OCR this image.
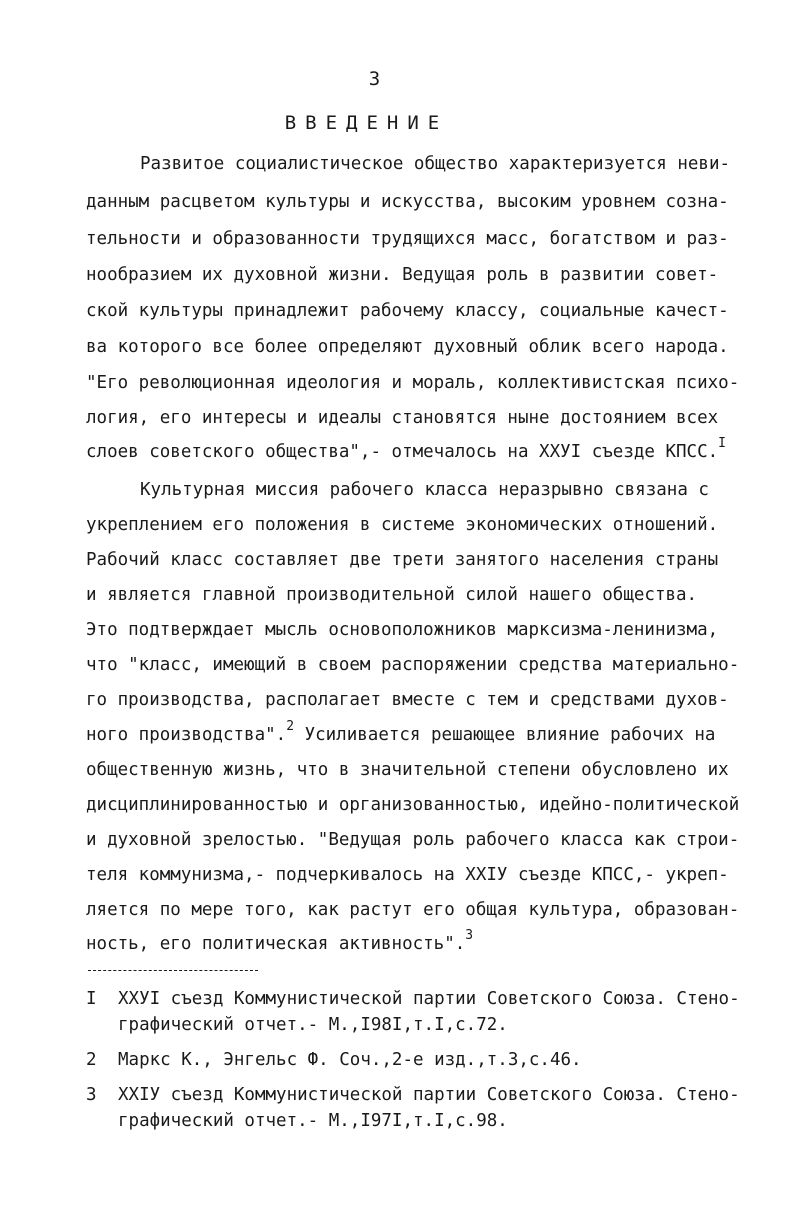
3
ВВЕДЕНИЕ
Развитое социалистическое общество характеризуется неви-
данным расцветом культуры и искусства, высоким уровнем созна-
тельности и образованности трудящихся масс, богатством и раз-
нообразием их духовной жизни. Ведущая роль в развитии совет-
ской культуры принадлежит рабочему классу, социальные качест-
ва которого все более определяют духовный облик всего народа.
"Его революционная идеология и мораль, коллективистская психо-
логия, его интересы и идеалы становятся ныне достоянием всех
слоев советского общества",- отмечалось на ХХУI съезде КПСС.$^I$
Культурная миссия рабочего класса неразрывно связана с
укреплением его положения в системе экономических отношений.
Рабочий класс составляет две трети занятого населения страны
и является главной производительной силой нашего общества.
Это подтверждает мысль основоположников марксизма-ленинизма,
что "класс, имеющий в своем распоряжении средства материально-
го производства, располагает вместе с тем и средствами духов-
ного производства".$^2$ Усиливается решающее влияние рабочих на
общественную жизнь, что в значительной степени обусловлено их
дисциплинированностью и организованностью, идейно-политической
и духовной зрелостью. "Ведущая роль рабочего класса как строи-
теля коммунизма,- подчеркивалось на ХХIУ съезде КПСС,- укреп-
ляется по мере того, как растут его общая культура, образован-
ность, его политическая активность".$^3$
I ХХУI съезд Коммунистической партии Советского Союза. Стено-
графический отчет.- М.,I98I,т.I,с.72.
2 Маркс К., Энгельс Ф. Соч.,2-е изд.,т.3,с.46.
3 ХХIУ съезд Коммунистической партии Советского Союза. Стено-
графический отчет.- М.,I97I,т.I,с.98.
